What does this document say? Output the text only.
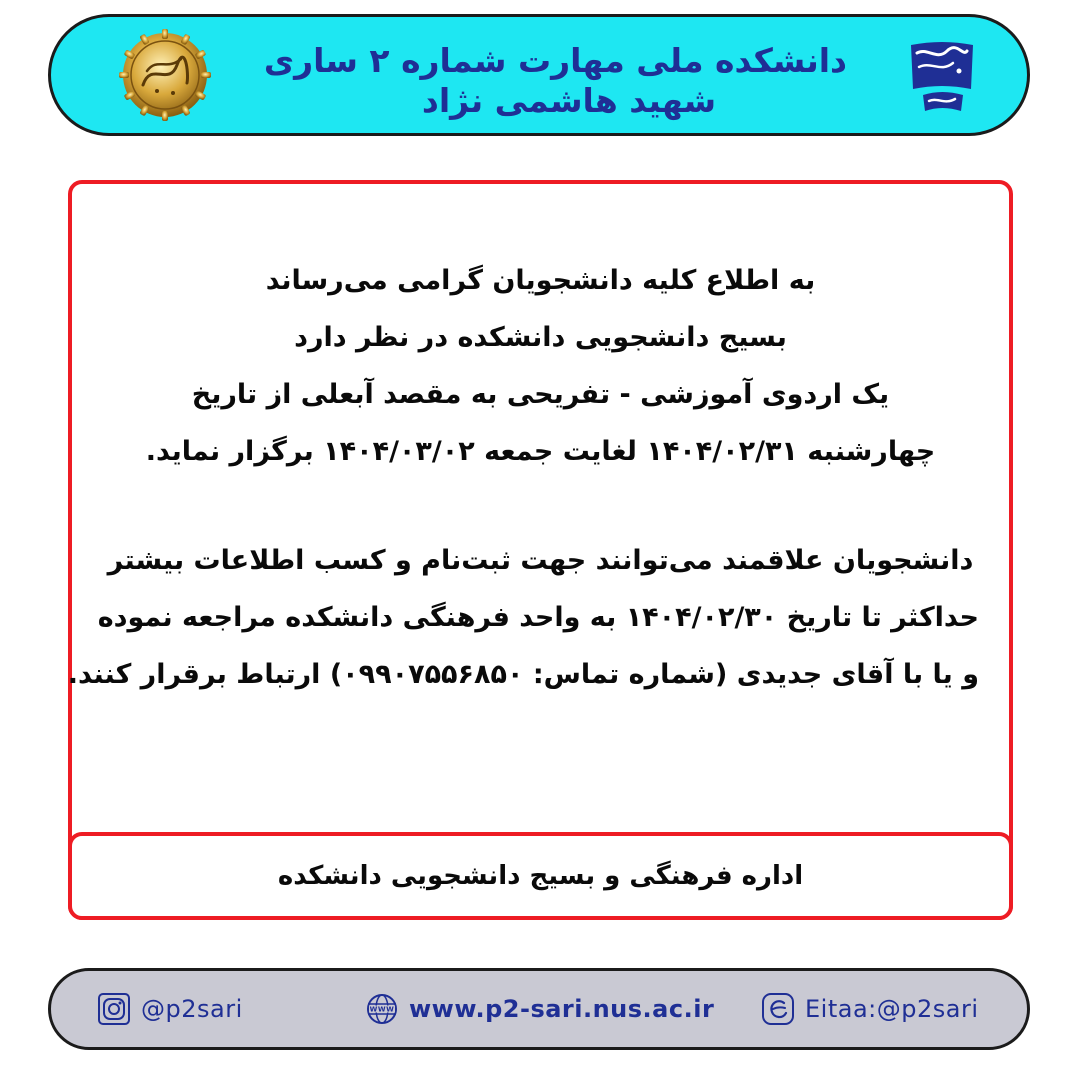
دانشکده ملی مهارت شماره ۲ ساری
شهید هاشمی نژاد
به اطلاع کلیه دانشجویان گرامی می‌رساند
بسیج دانشجویی دانشکده در نظر دارد
یک اردوی آموزشی - تفریحی به مقصد آبعلی از تاریخ
چهارشنبه ۱۴۰۴/۰۲/۳۱ لغایت جمعه ۱۴۰۴/۰۳/۰۲ برگزار نماید.
دانشجویان علاقمند می‌توانند جهت ثبت‌نام و کسب اطلاعات بیشتر
حداکثر تا تاریخ ۱۴۰۴/۰۲/۳۰ به واحد فرهنگی دانشکده مراجعه نموده
و یا با آقای جدیدی (شماره تماس: ۰۹۹۰۷۵۵۶۸۵۰) ارتباط برقرار کنند.
اداره فرهنگی و بسیج دانشجویی دانشکده
@p2sari	WWW www.p2-sari.nus.ac.ir	Eitaa:@p2sari
